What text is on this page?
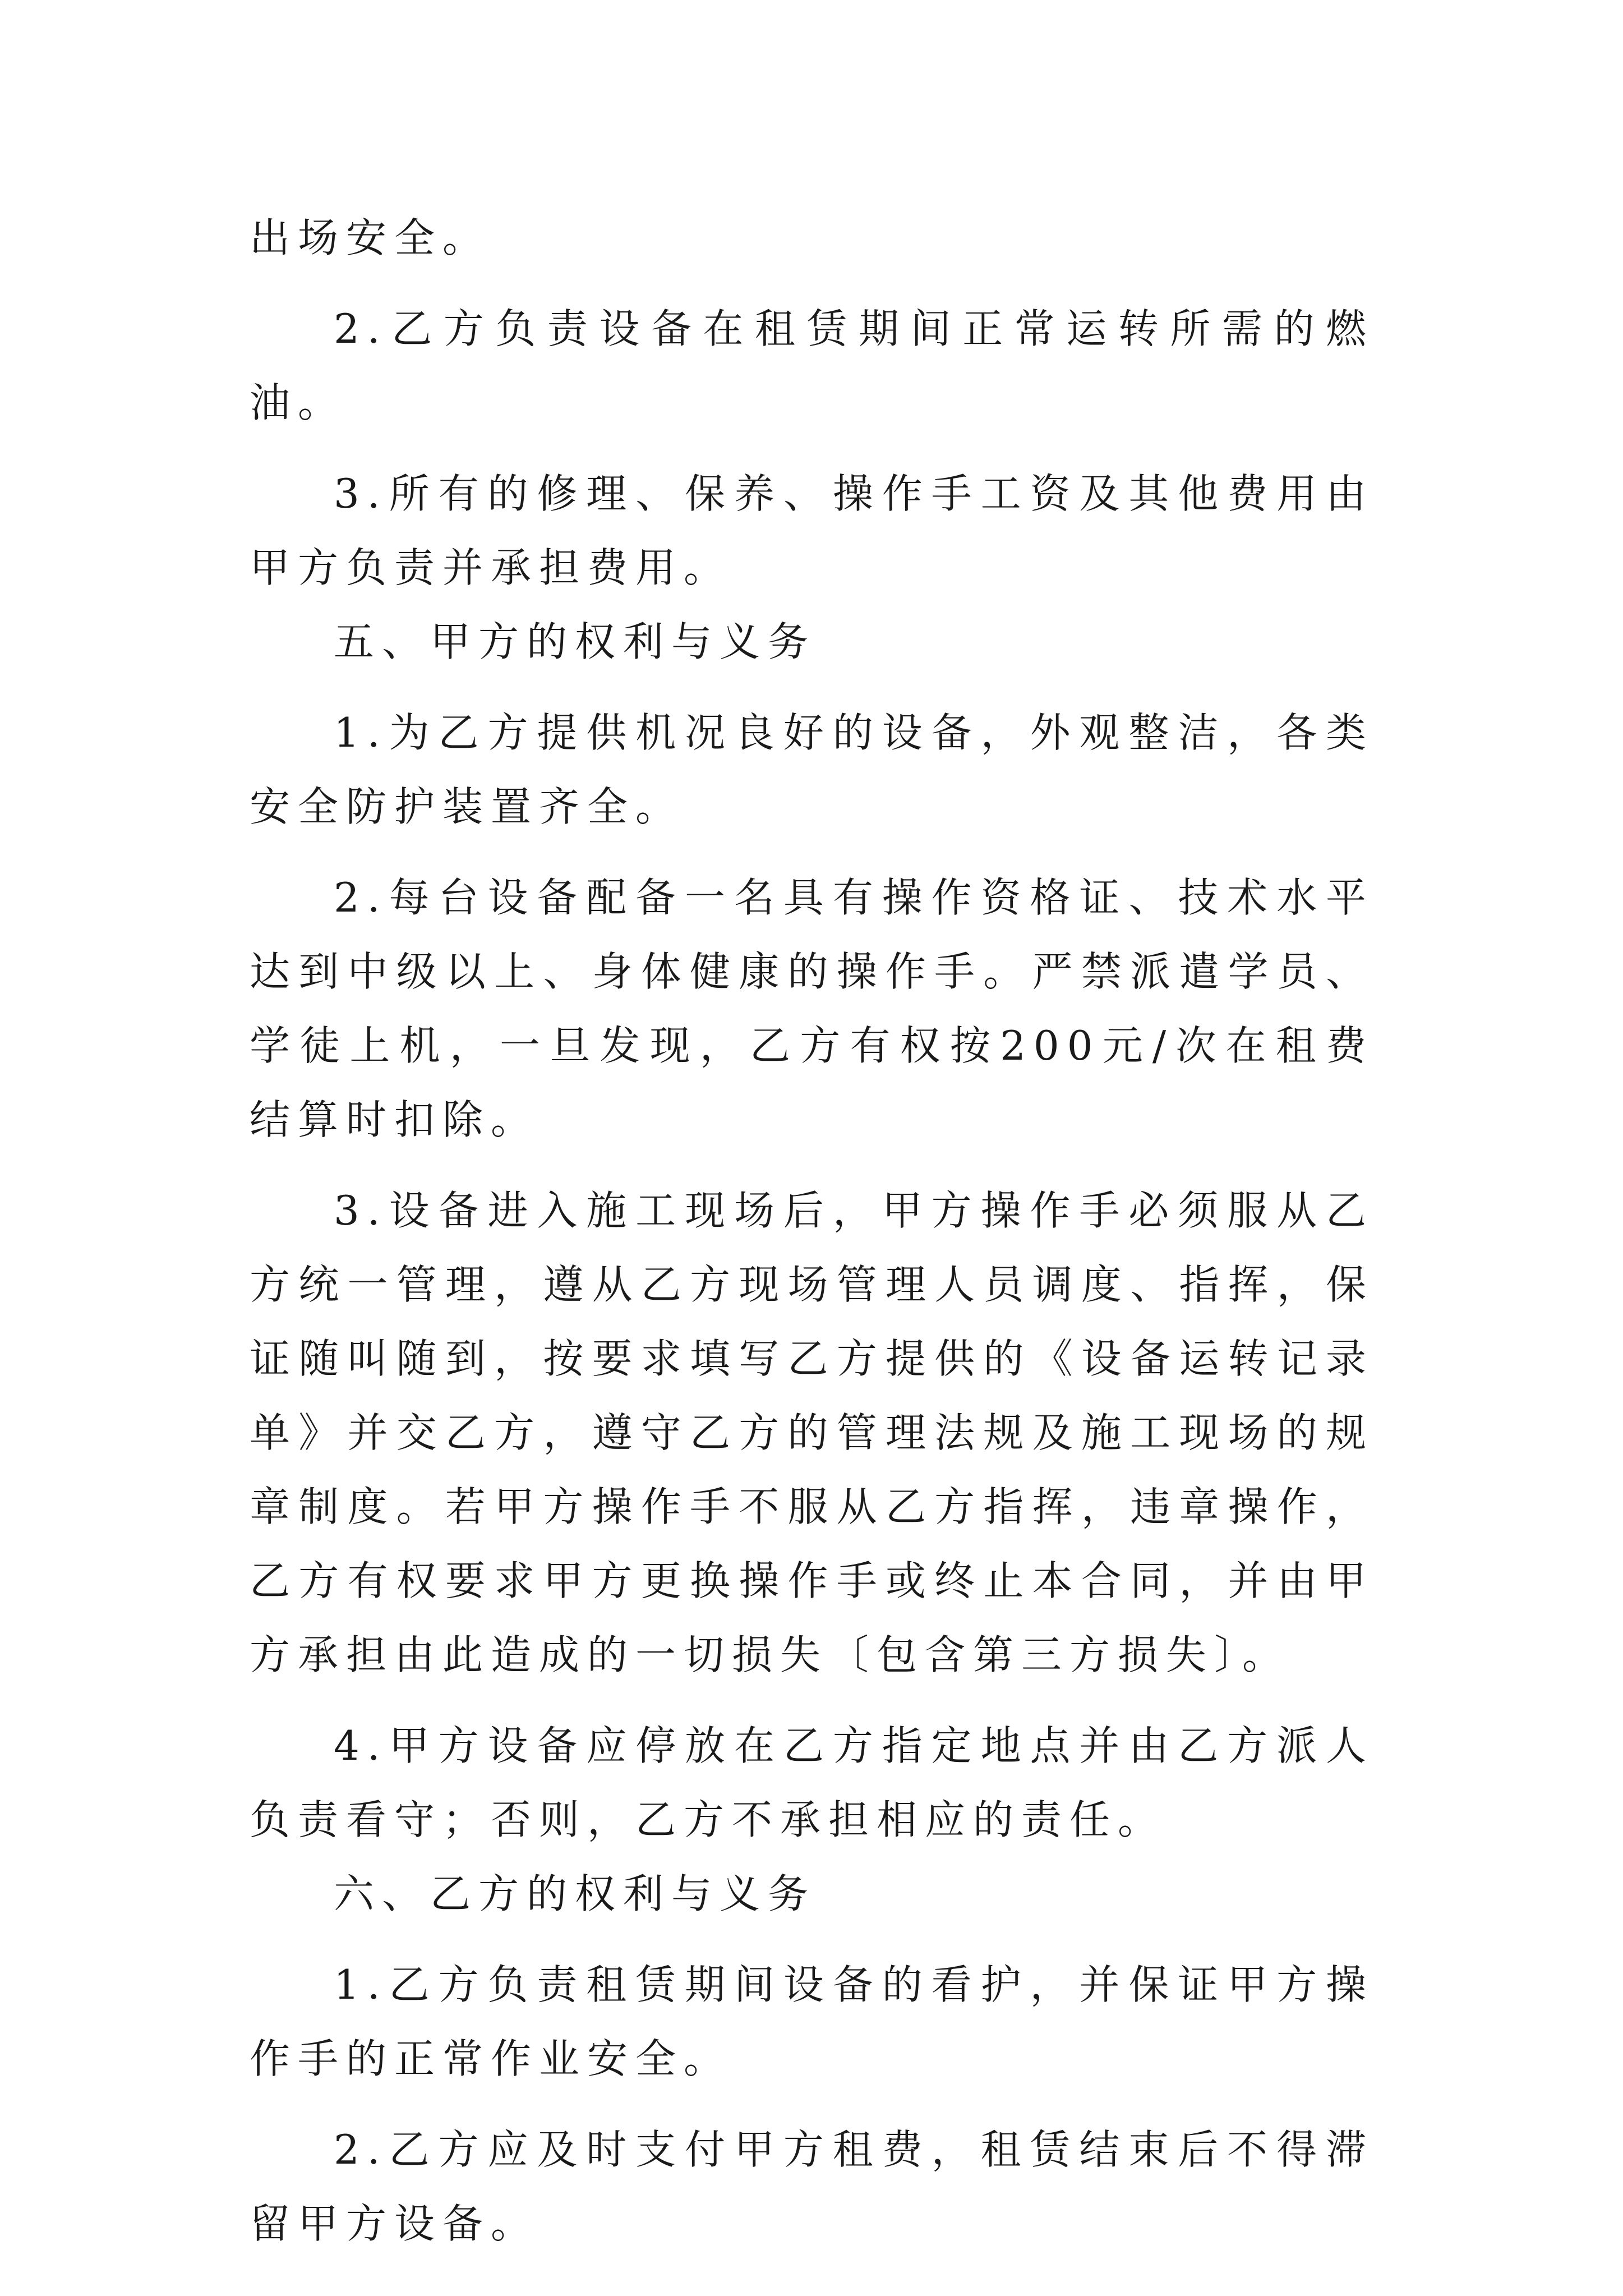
出场安全。

2.乙方负责设备在租赁期间正常运转所需的燃油。

3.所有的修理、保养、操作手工资及其他费用由甲方负责并承担费用。

五、甲方的权利与义务

1.为乙方提供机况良好的设备，外观整洁，各类安全防护装置齐全。

2.每台设备配备一名具有操作资格证、技术水平达到中级以上、身体健康的操作手。严禁派遣学员、学徒上机，一旦发现，乙方有权按200元/次在租费结算时扣除。

3.设备进入施工现场后，甲方操作手必须服从乙方统一管理，遵从乙方现场管理人员调度、指挥，保证随叫随到，按要求填写乙方提供的《设备运转记录单》并交乙方，遵守乙方的管理法规及施工现场的规章制度。若甲方操作手不服从乙方指挥，违章操作，乙方有权要求甲方更换操作手或终止本合同，并由甲方承担由此造成的一切损失〔包含第三方损失〕。

4.甲方设备应停放在乙方指定地点并由乙方派人负责看守；否则，乙方不承担相应的责任。

六、乙方的权利与义务

1.乙方负责租赁期间设备的看护，并保证甲方操作手的正常作业安全。

2.乙方应及时支付甲方租费，租赁结束后不得滞留甲方设备。
